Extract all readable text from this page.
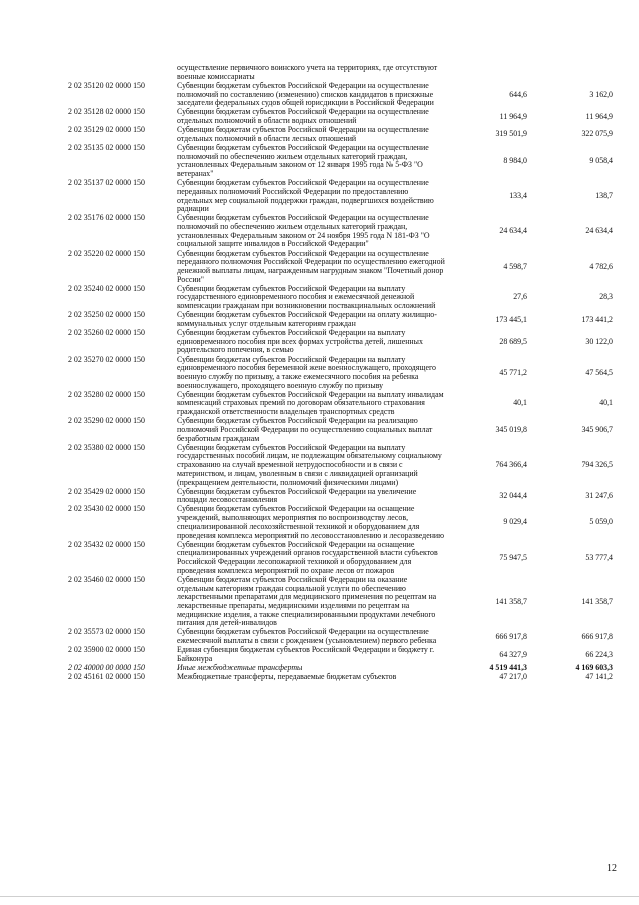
	осуществление первичного воинского учета на территориях, где отсутствуют военные комиссариаты		
2 02 35120 02 0000 150	Субвенции бюджетам субъектов Российской Федерации на осуществление полномочий по составлению (изменению) списков кандидатов в присяжные заседатели федеральных судов общей юрисдикции в Российской Федерации	644,6	3 162,0
2 02 35128 02 0000 150	Субвенции бюджетам субъектов Российской Федерации на осуществление отдельных полномочий в области водных отношений	11 964,9	11 964,9
2 02 35129 02 0000 150	Субвенции бюджетам субъектов Российской Федерации на осуществление отдельных полномочий в области лесных отношений	319 501,9	322 075,9
2 02 35135 02 0000 150	Субвенции бюджетам субъектов Российской Федерации на осуществление полномочий по обеспечению жильем отдельных категорий граждан, установленных Федеральным законом от 12 января 1995 года № 5-ФЗ "О ветеранах"	8 984,0	9 058,4
2 02 35137 02 0000 150	Субвенции бюджетам субъектов Российской Федерации на осуществление переданных полномочий Российской Федерации по предоставлению отдельных мер социальной поддержки граждан, подвергшихся воздействию радиации	133,4	138,7
2 02 35176 02 0000 150	Субвенции бюджетам субъектов Российской Федерации на осуществление полномочий по обеспечению жильем отдельных категорий граждан, установленных Федеральным законом от 24 ноября 1995 года N 181-ФЗ "О социальной защите инвалидов в Российской Федерации"	24 634,4	24 634,4
2 02 35220 02 0000 150	Субвенции бюджетам субъектов Российской Федерации на осуществление переданного полномочия Российской Федерации по осуществлению ежегодной денежной выплаты лицам, награжденным нагрудным знаком "Почетный донор России"	4 598,7	4 782,6
2 02 35240 02 0000 150	Субвенции бюджетам субъектов Российской Федерации на выплату государственного единовременного пособия и ежемесячной денежной компенсации гражданам при возникновении поствакцинальных осложнений	27,6	28,3
2 02 35250 02 0000 150	Субвенции бюджетам субъектов Российской Федерации на оплату жилищно-коммунальных услуг отдельным категориям граждан	173 445,1	173 441,2
2 02 35260 02 0000 150	Субвенции бюджетам субъектов Российской Федерации на выплату единовременного пособия при всех формах устройства детей, лишенных родительского попечения, в семью	28 689,5	30 122,0
2 02 35270 02 0000 150	Субвенции бюджетам субъектов Российской Федерации на выплату единовременного пособия беременной жене военнослужащего, проходящего военную службу по призыву, а также ежемесячного пособия на ребенка военнослужащего, проходящего военную службу по призыву	45 771,2	47 564,5
2 02 35280 02 0000 150	Субвенции бюджетам субъектов Российской Федерации на выплату инвалидам компенсаций страховых премий по договорам обязательного страхования гражданской ответственности владельцев транспортных средств	40,1	40,1
2 02 35290 02 0000 150	Субвенции бюджетам субъектов Российской Федерации на реализацию полномочий Российской Федерации по осуществлению социальных выплат безработным гражданам	345 019,8	345 906,7
2 02 35380 02 0000 150	Субвенции бюджетам субъектов Российской Федерации на выплату государственных пособий лицам, не подлежащим обязательному социальному страхованию на случай временной нетрудоспособности и в связи с материнством, и лицам, уволенным в связи с ликвидацией организаций (прекращением деятельности, полномочий физическими лицами)	764 366,4	794 326,5
2 02 35429 02 0000 150	Субвенции бюджетам субъектов Российской Федерации на увеличение площади лесовосстановления	32 044,4	31 247,6
2 02 35430 02 0000 150	Субвенции бюджетам субъектов Российской Федерации на оснащение учреждений, выполняющих мероприятия по воспроизводству лесов, специализированной лесохозяйственной техникой и оборудованием для проведения комплекса мероприятий по лесовосстановлению и лесоразведению	9 029,4	5 059,0
2 02 35432 02 0000 150	Субвенции бюджетам субъектов Российской Федерации на оснащение специализированных учреждений органов государственной власти субъектов Российской Федерации лесопожарной техникой и оборудованием для проведения комплекса мероприятий по охране лесов от пожаров	75 947,5	53 777,4
2 02 35460 02 0000 150	Субвенции бюджетам субъектов Российской Федерации на оказание отдельным категориям граждан социальной услуги по обеспечению лекарственными препаратами для медицинского применения по рецептам на лекарственные препараты, медицинскими изделиями по рецептам на медицинские изделия, а также специализированными продуктами лечебного питания для детей-инвалидов	141 358,7	141 358,7
2 02 35573 02 0000 150	Субвенции бюджетам субъектов Российской Федерации на осуществление ежемесячной выплаты в связи с рождением (усыновлением) первого ребенка	666 917,8	666 917,8
2 02 35900 02 0000 150	Единая субвенция бюджетам субъектов Российской Федерации и бюджету г. Байконура	64 327,9	66 224,3
2 02 40000 00 0000 150	Иные межбюджетные трансферты	4 519 441,3	4 169 603,3
2 02 45161 02 0000 150	Межбюджетные трансферты, передаваемые бюджетам субъектов	47 217,0	47 141,2
12
